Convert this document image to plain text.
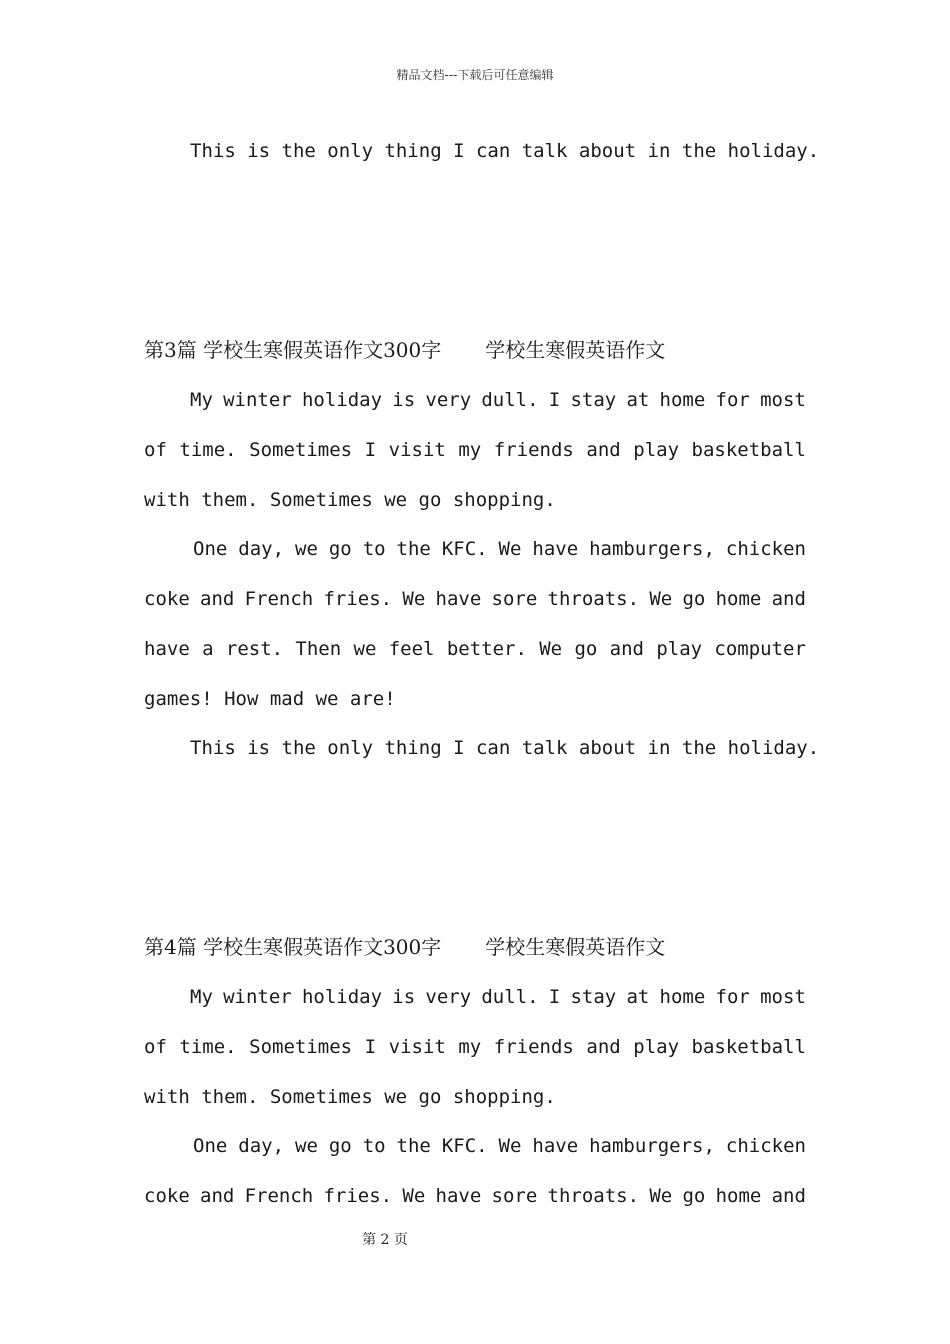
精品文档---下载后可任意编辑
This is the only thing I can talk about in the holiday.
第3篇 学校生寒假英语作文300字 学校生寒假英语作文
My winter holiday is very dull. I stay at home for most
of time. Sometimes I visit my friends and play basketball
with them. Sometimes we go shopping.
One day, we go to the KFC. We have hamburgers, chicken
coke and French fries. We have sore throats. We go home and
have a rest. Then we feel better. We go and play computer
games! How mad we are!
This is the only thing I can talk about in the holiday.
第4篇 学校生寒假英语作文300字 学校生寒假英语作文
My winter holiday is very dull. I stay at home for most
of time. Sometimes I visit my friends and play basketball
with them. Sometimes we go shopping.
One day, we go to the KFC. We have hamburgers, chicken
coke and French fries. We have sore throats. We go home and
第 2 页
